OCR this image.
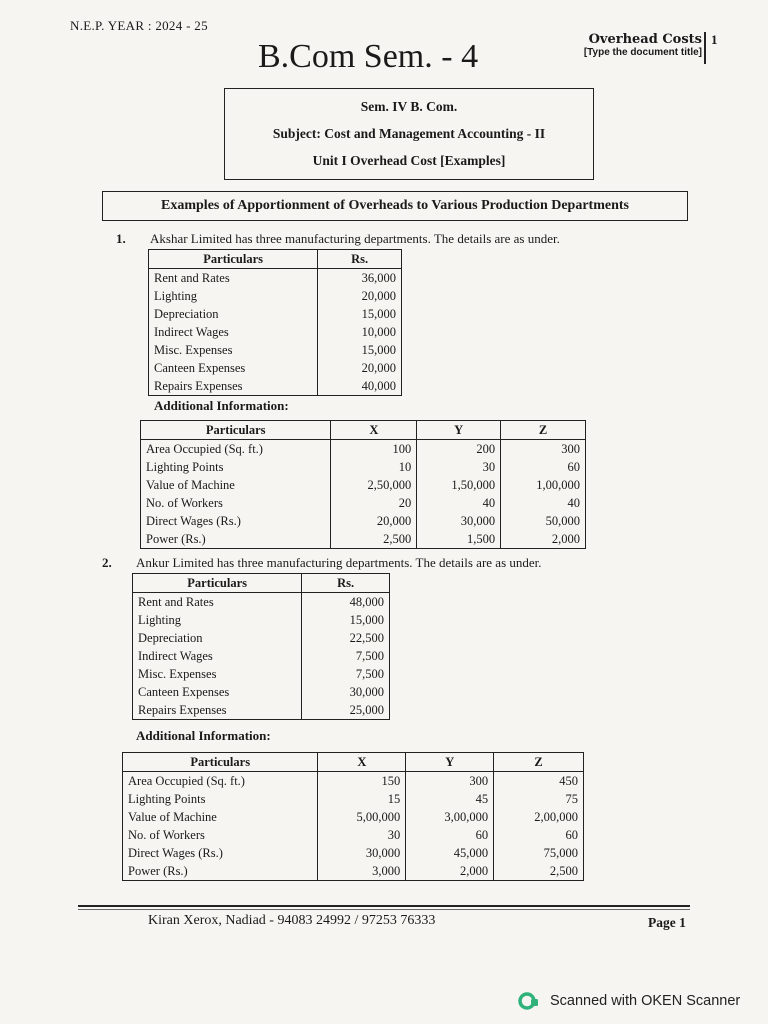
N.E.P. YEAR : 2024 - 25
B.Com Sem. - 4	Overhead Costs
[Type the document title]
1
Sem. IV B. Com.
Subject: Cost and Management Accounting - II
Unit I Overhead Cost [Examples]
Examples of Apportionment of Overheads to Various Production Departments
1. Akshar Limited has three manufacturing departments. The details are as under.
Particulars	Rs.
Rent and Rates	36,000
Lighting	20,000
Depreciation	15,000
Indirect Wages	10,000
Misc. Expenses	15,000
Canteen Expenses	20,000
Repairs Expenses	40,000
Additional Information:
Particulars	X	Y	Z
Area Occupied (Sq. ft.)	100	200	300
Lighting Points	10	30	60
Value of Machine	2,50,000	1,50,000	1,00,000
No. of Workers	20	40	40
Direct Wages (Rs.)	20,000	30,000	50,000
Power (Rs.)	2,500	1,500	2,000
2. Ankur Limited has three manufacturing departments. The details are as under.
Particulars	Rs.
Rent and Rates	48,000
Lighting	15,000
Depreciation	22,500
Indirect Wages	7,500
Misc. Expenses	7,500
Canteen Expenses	30,000
Repairs Expenses	25,000
Additional Information:
Particulars	X	Y	Z
Area Occupied (Sq. ft.)	150	300	450
Lighting Points	15	45	75
Value of Machine	5,00,000	3,00,000	2,00,000
No. of Workers	30	60	60
Direct Wages (Rs.)	30,000	45,000	75,000
Power (Rs.)	3,000	2,000	2,500
Kiran Xerox, Nadiad - 94083 24992 / 97253 76333	Page 1
Scanned with OKEN Scanner
